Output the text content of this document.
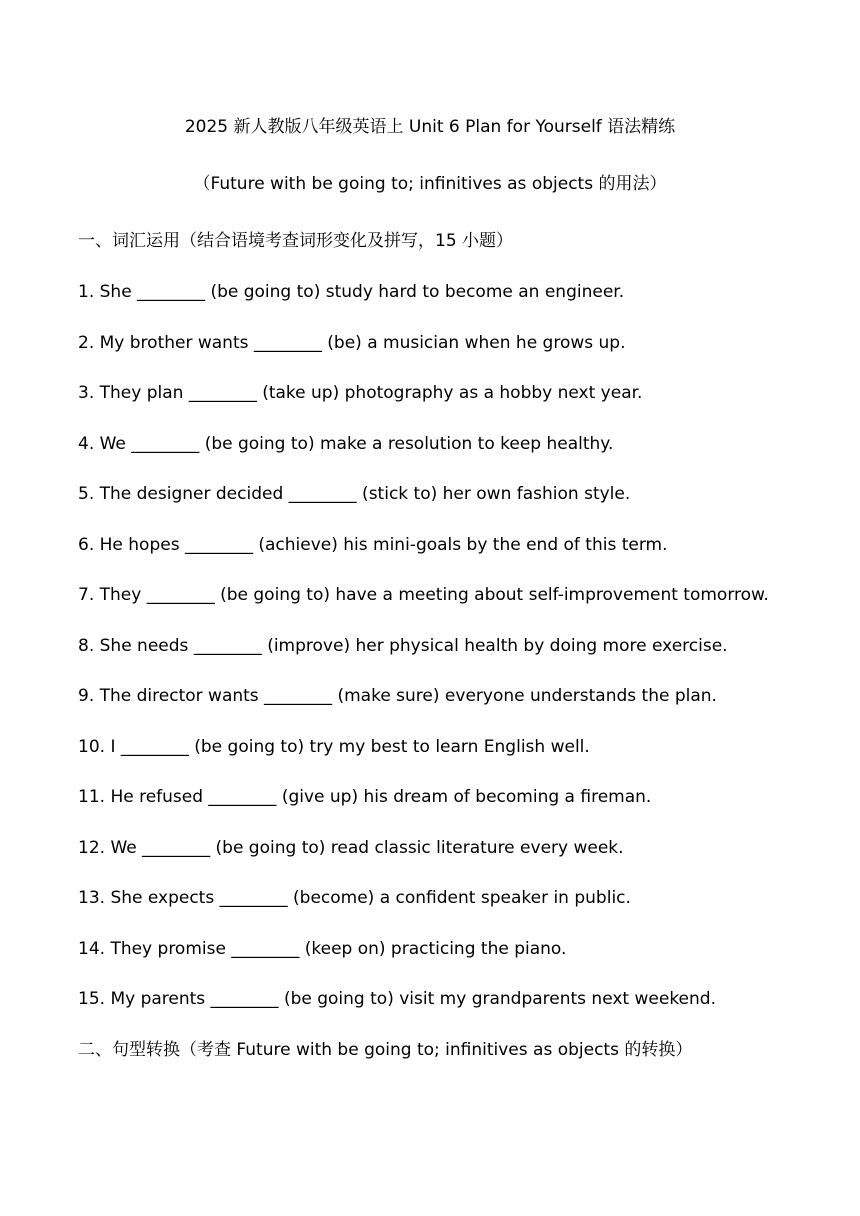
2025 新人教版八年级英语上 Unit 6 Plan for Yourself 语法精练
（Future with be going to; infinitives as objects 的用法）
一、词汇运用（结合语境考查词形变化及拼写，15 小题）
1. She ________ (be going to) study hard to become an engineer.
2. My brother wants ________ (be) a musician when he grows up.
3. They plan ________ (take up) photography as a hobby next year.
4. We ________ (be going to) make a resolution to keep healthy.
5. The designer decided ________ (stick to) her own fashion style.
6. He hopes ________ (achieve) his mini-goals by the end of this term.
7. They ________ (be going to) have a meeting about self-improvement tomorrow.
8. She needs ________ (improve) her physical health by doing more exercise.
9. The director wants ________ (make sure) everyone understands the plan.
10. I ________ (be going to) try my best to learn English well.
11. He refused ________ (give up) his dream of becoming a fireman.
12. We ________ (be going to) read classic literature every week.
13. She expects ________ (become) a confident speaker in public.
14. They promise ________ (keep on) practicing the piano.
15. My parents ________ (be going to) visit my grandparents next weekend.
二、句型转换（考查 Future with be going to; infinitives as objects 的转换）
